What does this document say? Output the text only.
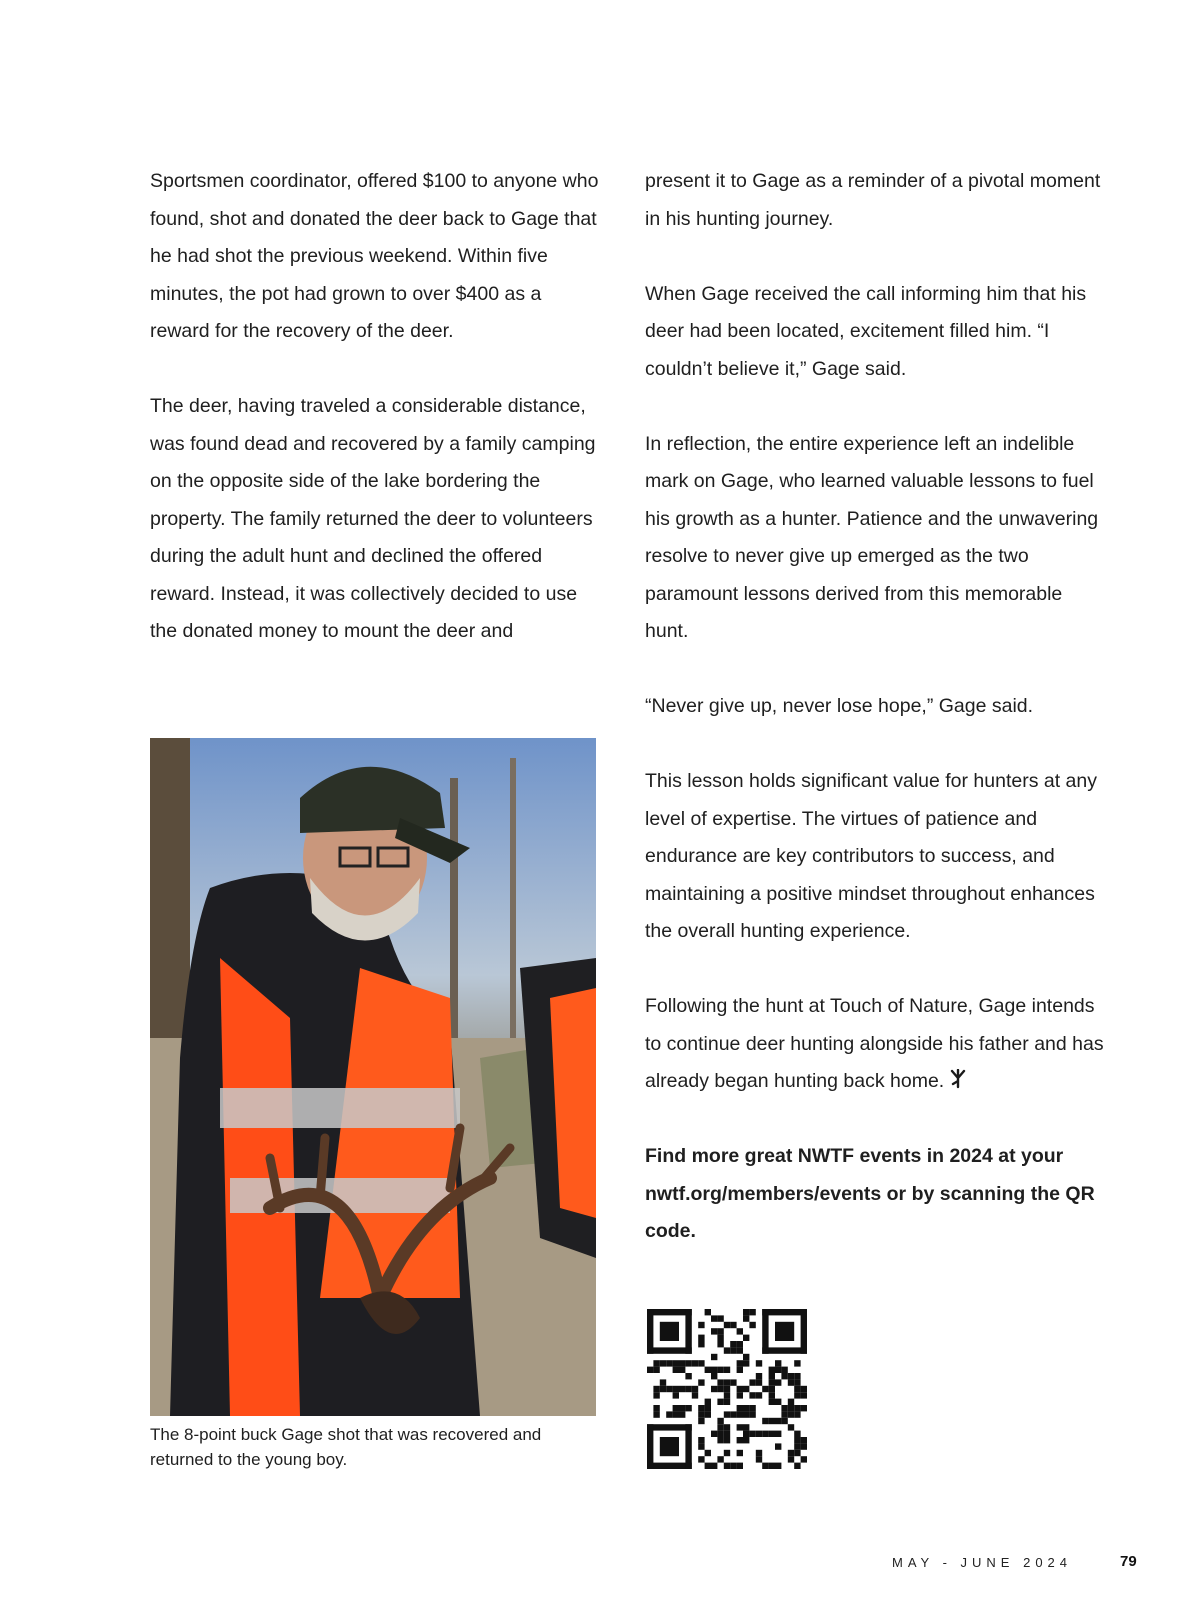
Sportsmen coordinator, offered $100 to anyone who found, shot and donated the deer back to Gage that he had shot the previous weekend. Within five minutes, the pot had grown to over $400 as a reward for the recovery of the deer.

The deer, having traveled a considerable distance, was found dead and recovered by a family camping on the opposite side of the lake bordering the property. The family returned the deer to volunteers during the adult hunt and declined the offered reward. Instead, it was collectively decided to use the donated money to mount the deer and

The 8-point buck Gage shot that was recovered and returned to the young boy.

present it to Gage as a reminder of a pivotal moment in his hunting journey.

When Gage received the call informing him that his deer had been located, excitement filled him. “I couldn’t believe it,” Gage said.

In reflection, the entire experience left an indelible mark on Gage, who learned valuable lessons to fuel his growth as a hunter. Patience and the unwavering resolve to never give up emerged as the two paramount lessons derived from this memorable hunt.

“Never give up, never lose hope,” Gage said.

This lesson holds significant value for hunters at any level of expertise. The virtues of patience and endurance are key contributors to success, and maintaining a positive mindset throughout enhances the overall hunting experience.

Following the hunt at Touch of Nature, Gage intends to continue deer hunting alongside his father and has already began hunting back home.

Find more great NWTF events in 2024 at your nwtf.org/members/events or by scanning the QR code.

MAY - JUNE 2024	79
